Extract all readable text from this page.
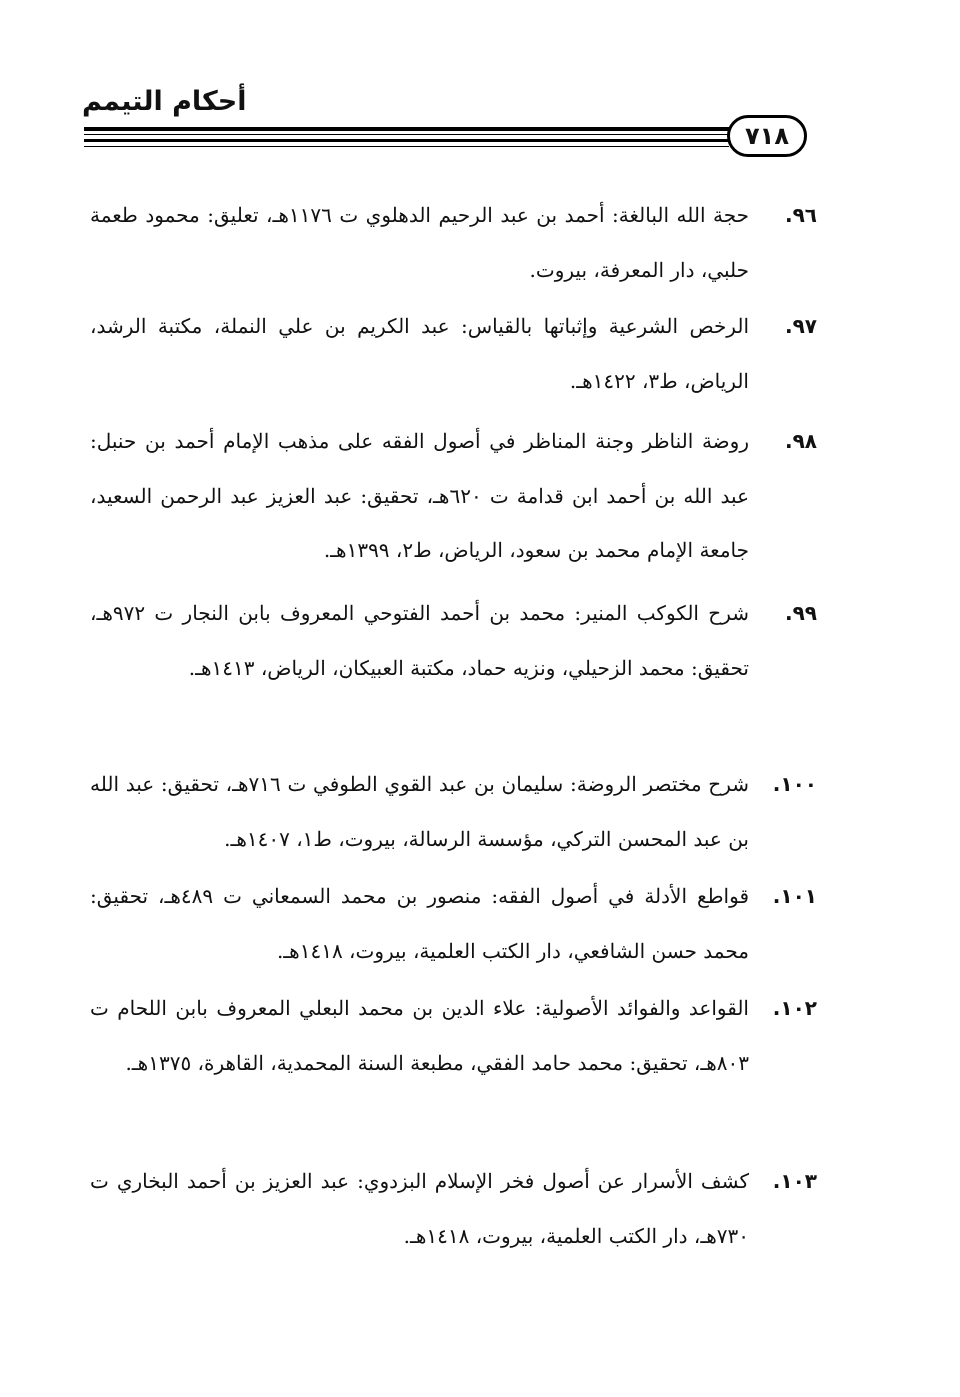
أحكام التيمم
٧١٨
٩٦.
حجة الله البالغة: أحمد بن عبد الرحيم الدهلوي ت ١١٧٦هـ، تعليق: محمود طعمة حلبي، دار المعرفة، بيروت.
٩٧.
الرخص الشرعية وإثباتها بالقياس: عبد الكريم بن علي النملة، مكتبة الرشد، الرياض، ط٣، ١٤٢٢هـ.
٩٨.
روضة الناظر وجنة المناظر في أصول الفقه على مذهب الإمام أحمد بن حنبل: عبد الله بن أحمد ابن قدامة ت ٦٢٠هـ، تحقيق: عبد العزيز عبد الرحمن السعيد، جامعة الإمام محمد بن سعود، الرياض، ط٢، ١٣٩٩هـ.
٩٩.
شرح الكوكب المنير: محمد بن أحمد الفتوحي المعروف بابن النجار ت ٩٧٢هـ، تحقيق: محمد الزحيلي، ونزيه حماد، مكتبة العبيكان، الرياض، ١٤١٣هـ.
١٠٠.
شرح مختصر الروضة: سليمان بن عبد القوي الطوفي ت ٧١٦هـ، تحقيق: عبد الله بن عبد المحسن التركي، مؤسسة الرسالة، بيروت، ط١، ١٤٠٧هـ.
١٠١.
قواطع الأدلة في أصول الفقه: منصور بن محمد السمعاني ت ٤٨٩هـ، تحقيق: محمد حسن الشافعي، دار الكتب العلمية، بيروت، ١٤١٨هـ.
١٠٢.
القواعد والفوائد الأصولية: علاء الدين بن محمد البعلي المعروف بابن اللحام ت ٨٠٣هـ، تحقيق: محمد حامد الفقي، مطبعة السنة المحمدية، القاهرة، ١٣٧٥هـ.
١٠٣.
كشف الأسرار عن أصول فخر الإسلام البزدوي: عبد العزيز بن أحمد البخاري ت ٧٣٠هـ، دار الكتب العلمية، بيروت، ١٤١٨هـ.
